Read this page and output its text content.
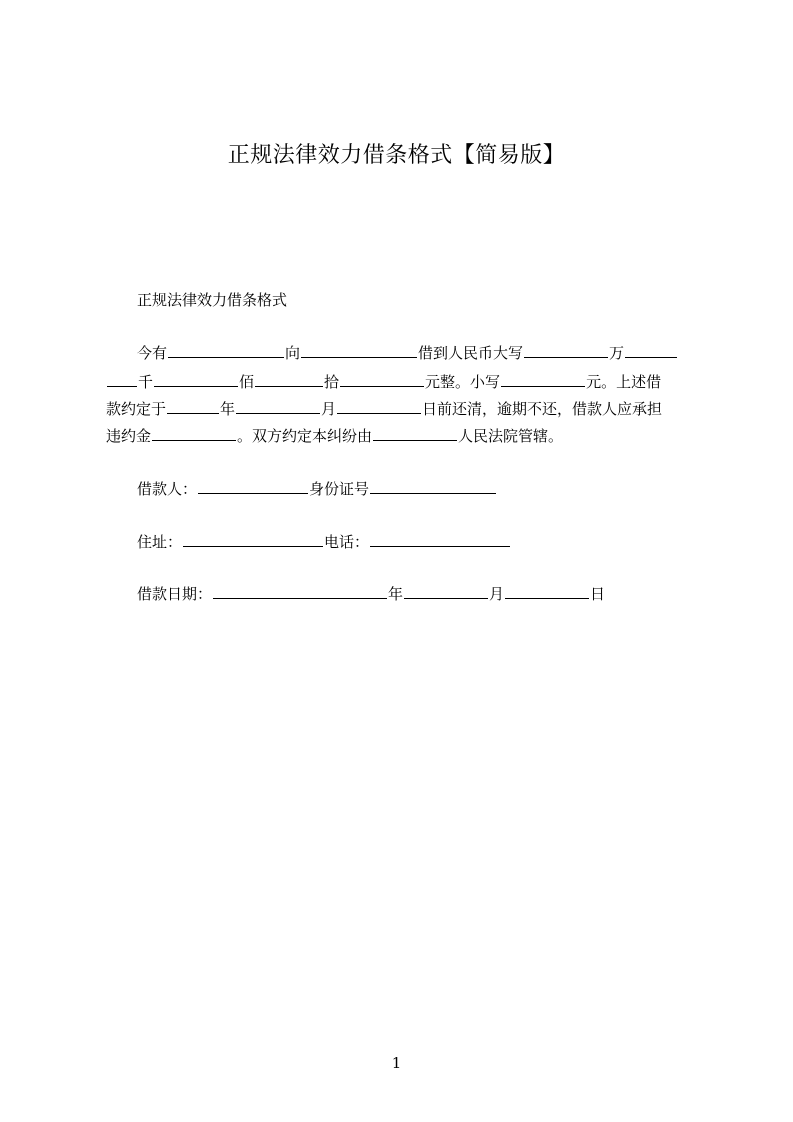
正规法律效力借条格式【简易版】
正规法律效力借条格式
今有	向	借到人民币大写	万
千	佰	拾	元整。小写	元。上述借
款约定于	年	月	日前还清，逾期不还，借款人应承担
违约金	。双方约定本纠纷由	人民法院管辖。
借款人：	身份证号
住址：	电话：
借款日期：	年	月	日
1
